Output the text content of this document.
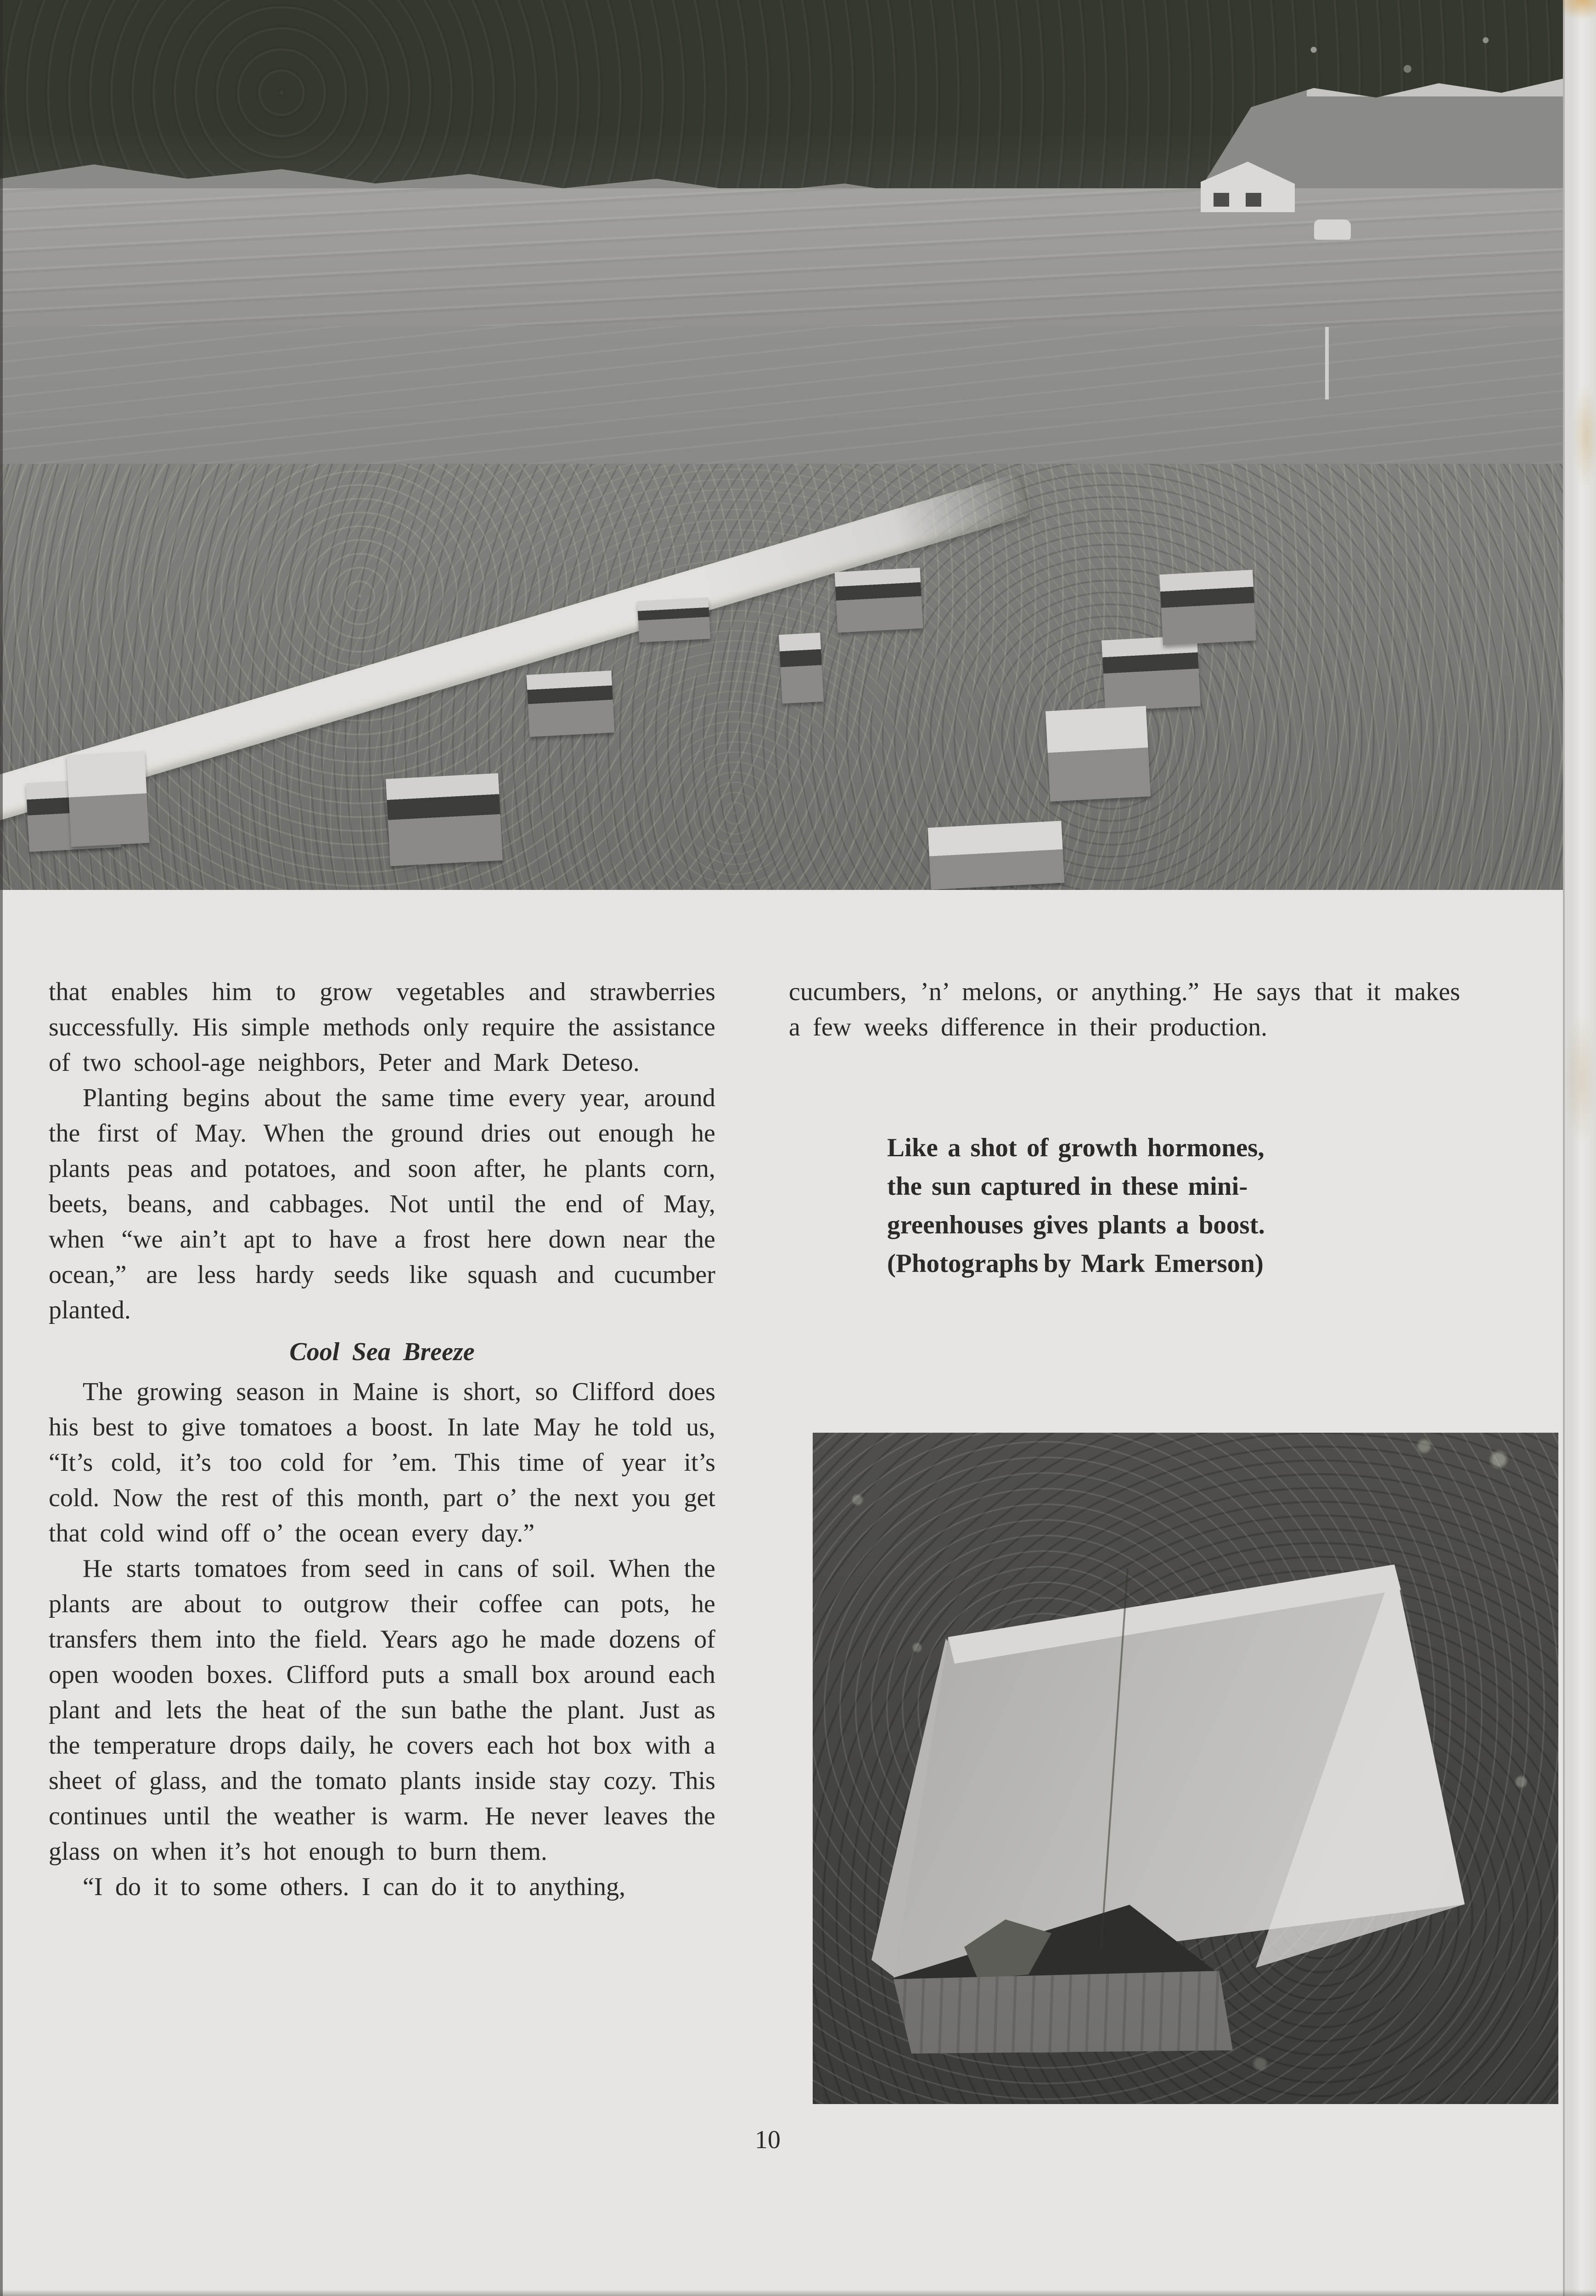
that enables him to grow vegetables and strawberries successfully. His simple methods only require the assistance of two school-age neighbors, Peter and Mark Deteso.

Planting begins about the same time every year, around the first of May. When the ground dries out enough he plants peas and potatoes, and soon after, he plants corn, beets, beans, and cabbages. Not until the end of May, when “we ain’t apt to have a frost here down near the ocean,” are less hardy seeds like squash and cucumber planted.

Cool Sea Breeze

The growing season in Maine is short, so Clifford does his best to give tomatoes a boost. In late May he told us, “It’s cold, it’s too cold for ’em. This time of year it’s cold. Now the rest of this month, part o’ the next you get that cold wind off o’ the ocean every day.”

He starts tomatoes from seed in cans of soil. When the plants are about to outgrow their coffee can pots, he transfers them into the field. Years ago he made dozens of open wooden boxes. Clifford puts a small box around each plant and lets the heat of the sun bathe the plant. Just as the temperature drops daily, he covers each hot box with a sheet of glass, and the tomato plants inside stay cozy. This continues until the weather is warm. He never leaves the glass on when it’s hot enough to burn them.

“I do it to some others. I can do it to anything,

cucumbers, ’n’ melons, or anything.” He says that it makes a few weeks difference in their production.

Like a shot of growth hormones,
the sun captured in these mini-
greenhouses gives plants a boost.
(Photographs by Mark Emerson)
10
